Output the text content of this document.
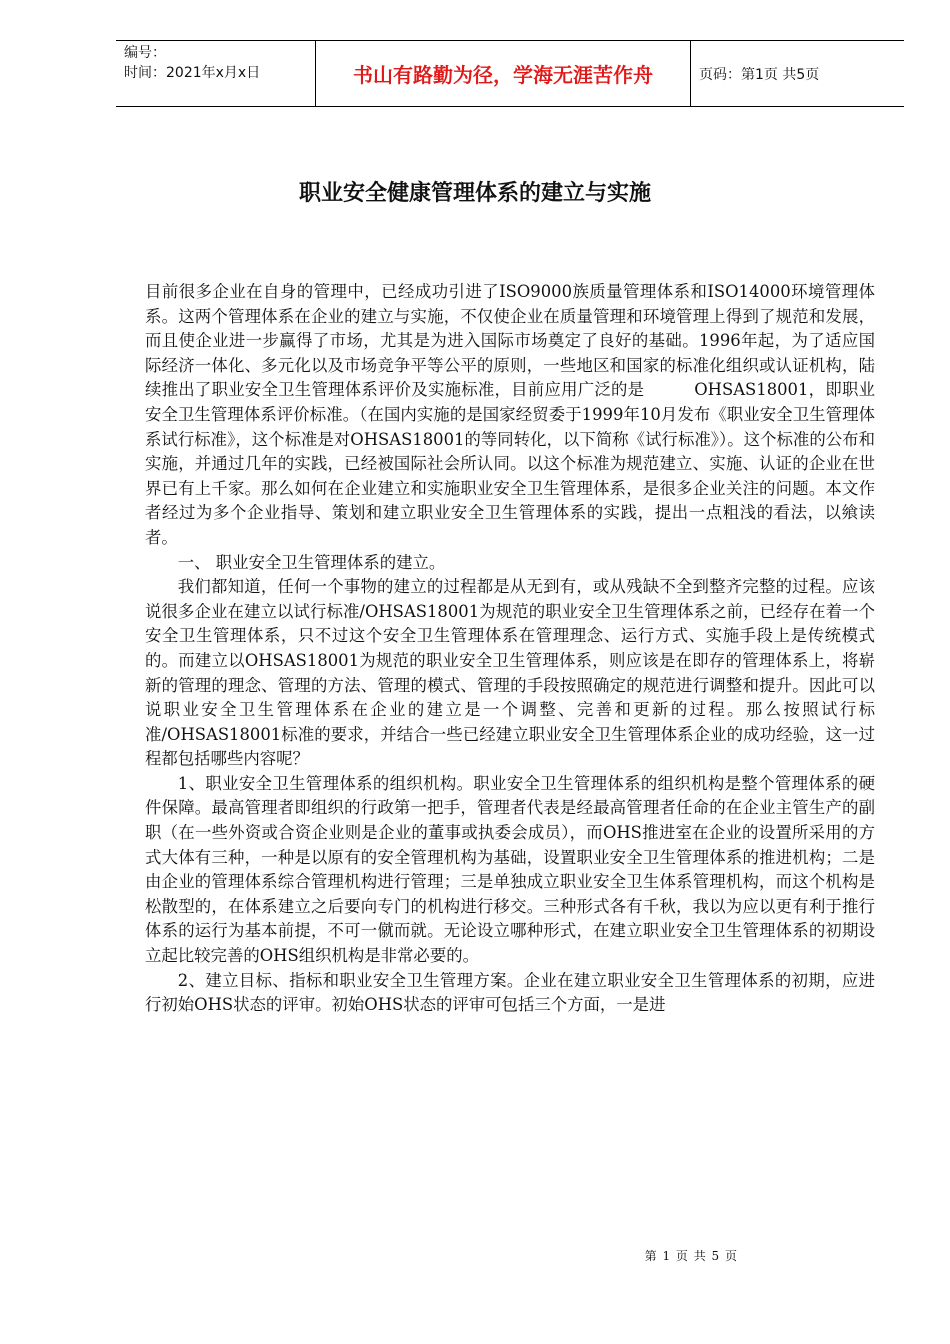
编号：
时间：2021年x月x日	书山有路勤为径，学海无涯苦作舟	页码：第1页 共5页
职业安全健康管理体系的建立与实施

目前很多企业在自身的管理中，已经成功引进了ISO9000族质量管理体系和ISO14000环境管理体系。这两个管理体系在企业的建立与实施，不仅使企业在质量管理和环境管理上得到了规范和发展，而且使企业进一步赢得了市场，尤其是为进入国际市场奠定了良好的基础。1996年起，为了适应国际经济一体化、多元化以及市场竞争平等公平的原则，一些地区和国家的标准化组织或认证机构，陆续推出了职业安全卫生管理体系评价及实施标准，目前应用广泛的是　　　OHSAS18001，即职业安全卫生管理体系评价标准。（在国内实施的是国家经贸委于1999年10月发布《职业安全卫生管理体系试行标准》，这个标准是对OHSAS18001的等同转化，以下简称《试行标准》）。这个标准的公布和实施，并通过几年的实践，已经被国际社会所认同。以这个标准为规范建立、实施、认证的企业在世界已有上千家。那么如何在企业建立和实施职业安全卫生管理体系，是很多企业关注的问题。本文作者经过为多个企业指导、策划和建立职业安全卫生管理体系的实践，提出一点粗浅的看法，以飨读者。

一、 职业安全卫生管理体系的建立。

我们都知道，任何一个事物的建立的过程都是从无到有，或从残缺不全到整齐完整的过程。应该说很多企业在建立以试行标准/OHSAS18001为规范的职业安全卫生管理体系之前，已经存在着一个安全卫生管理体系，只不过这个安全卫生管理体系在管理理念、运行方式、实施手段上是传统模式的。而建立以OHSAS18001为规范的职业安全卫生管理体系，则应该是在即存的管理体系上，将崭新的管理的理念、管理的方法、管理的模式、管理的手段按照确定的规范进行调整和提升。因此可以说职业安全卫生管理体系在企业的建立是一个调整、完善和更新的过程。那么按照试行标准/OHSAS18001标准的要求，并结合一些已经建立职业安全卫生管理体系企业的成功经验，这一过程都包括哪些内容呢？

1、职业安全卫生管理体系的组织机构。职业安全卫生管理体系的组织机构是整个管理体系的硬件保障。最高管理者即组织的行政第一把手，管理者代表是经最高管理者任命的在企业主管生产的副职（在一些外资或合资企业则是企业的董事或执委会成员），而OHS推进室在企业的设置所采用的方式大体有三种，一种是以原有的安全管理机构为基础，设置职业安全卫生管理体系的推进机构；二是由企业的管理体系综合管理机构进行管理；三是单独成立职业安全卫生体系管理机构，而这个机构是松散型的，在体系建立之后要向专门的机构进行移交。三种形式各有千秋，我以为应以更有利于推行体系的运行为基本前提，不可一僦而就。无论设立哪种形式，在建立职业安全卫生管理体系的初期设立起比较完善的OHS组织机构是非常必要的。

2、建立目标、指标和职业安全卫生管理方案。企业在建立职业安全卫生管理体系的初期，应进行初始OHS状态的评审。初始OHS状态的评审可包括三个方面，一是进

第 1 页 共 5 页
